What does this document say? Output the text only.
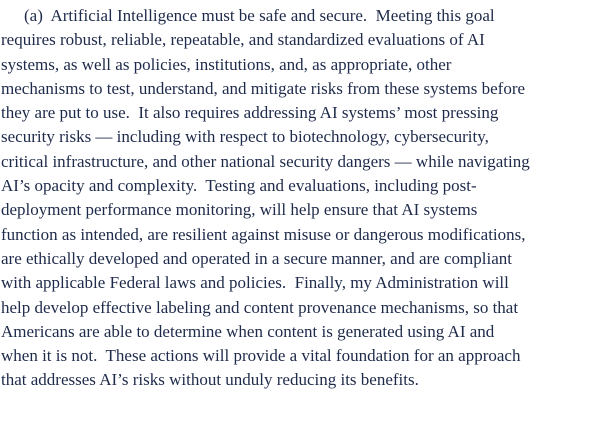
(a) Artificial Intelligence must be safe and secure.  Meeting this goal
requires robust, reliable, repeatable, and standardized evaluations of AI
systems, as well as policies, institutions, and, as appropriate, other
mechanisms to test, understand, and mitigate risks from these systems before
they are put to use.  It also requires addressing AI systems’ most pressing
security risks — including with respect to biotechnology, cybersecurity,
critical infrastructure, and other national security dangers — while navigating
AI’s opacity and complexity.  Testing and evaluations, including post-
deployment performance monitoring, will help ensure that AI systems
function as intended, are resilient against misuse or dangerous modifications,
are ethically developed and operated in a secure manner, and are compliant
with applicable Federal laws and policies.  Finally, my Administration will
help develop effective labeling and content provenance mechanisms, so that
Americans are able to determine when content is generated using AI and
when it is not.  These actions will provide a vital foundation for an approach
that addresses AI’s risks without unduly reducing its benefits.
